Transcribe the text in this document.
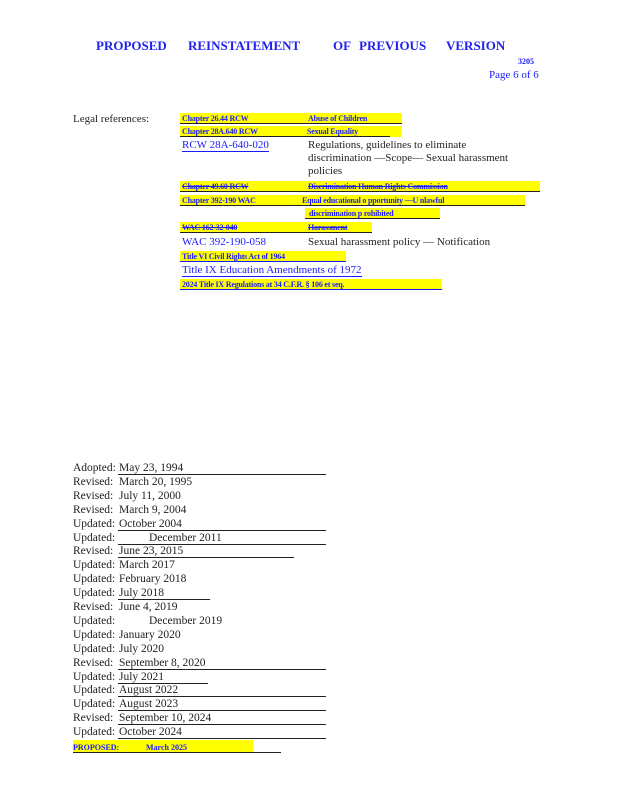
PROPOSED REINSTATEMENT	OF PREVIOUS VERSION
3205
Page 6 of 6
Legal references:	Chapter 26.44 RCW	Abuse of Children
Chapter 28A.640 RCW	Sexual Equality
RCW 28A-640-020	Regulations, guidelines to eliminate
discrimination —Scope— Sexual harassment
policies
Chapter 49.60 RCW	Discrimination Human Rights Commission
Chapter 392-190 WAC	Equal educational o pportunity —U nlawful
discrimination p rohibited
WAC 162-32-040	Harassment
WAC 392-190-058	Sexual harassment policy — Notification
Title VI Civil Rights Act of 1964
Title IX Education Amendments of 1972
2024 Title IX Regulations at 34 C.F.R. § 106 et seq.
Adopted: May 23, 1994
Revised: March 20, 1995
Revised: July 11, 2000
Revised: March 9, 2004
Updated: October 2004
Updated:	December 2011
Revised: June 23, 2015
Updated: March 2017
Updated: February 2018
Updated: July 2018
Revised: June 4, 2019
Updated:	December 2019
Updated: January 2020
Updated: July 2020
Revised: September 8, 2020
Updated: July 2021
Updated: August 2022
Updated: August 2023
Revised: September 10, 2024
Updated: October 2024
PROPOSED:	March 2025
